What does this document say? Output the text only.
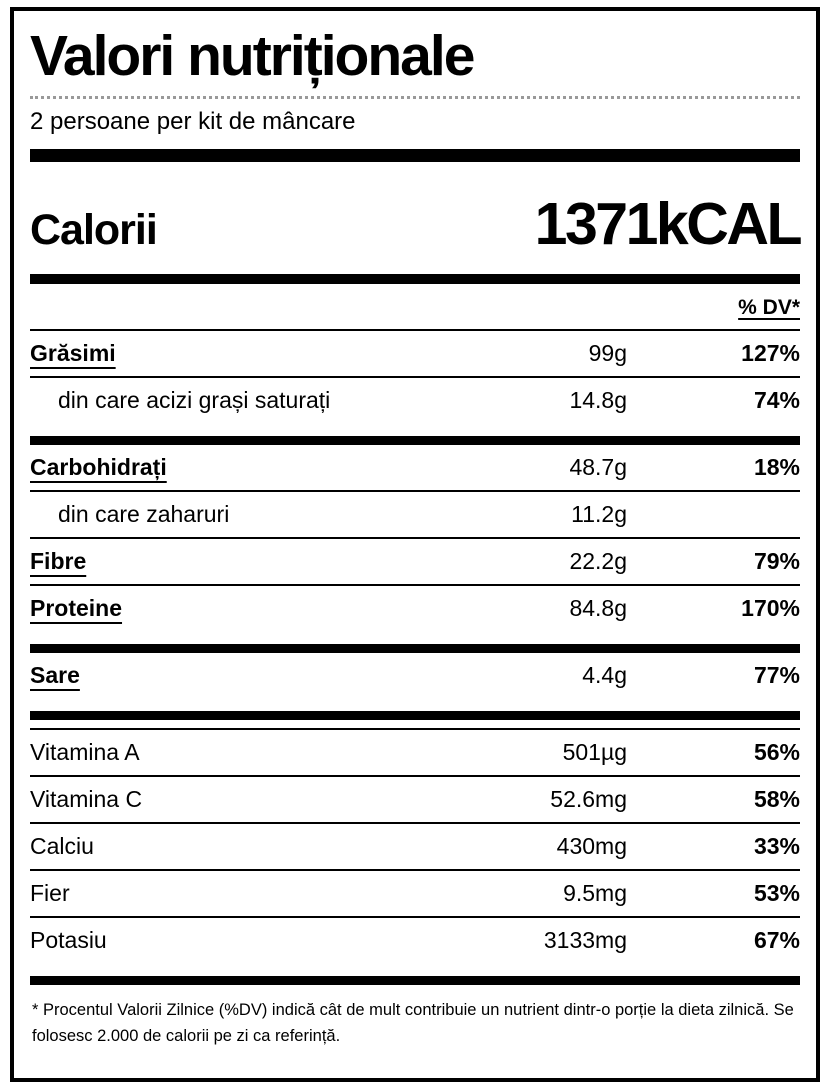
Valori nutriționale
2 persoane per kit de mâncare
Calorii	1371kCAL
% DV*
Grăsimi	99g	127%
din care acizi grași saturați	14.8g	74%
Carbohidrați	48.7g	18%
din care zaharuri	11.2g
Fibre	22.2g	79%
Proteine	84.8g	170%
Sare	4.4g	77%
Vitamina A	501µg	56%
Vitamina C	52.6mg	58%
Calciu	430mg	33%
Fier	9.5mg	53%
Potasiu	3133mg	67%
* Procentul Valorii Zilnice (%DV) indică cât de mult contribuie un nutrient dintr-o porție la dieta zilnică. Se folosesc 2.000 de calorii pe zi ca referință.
